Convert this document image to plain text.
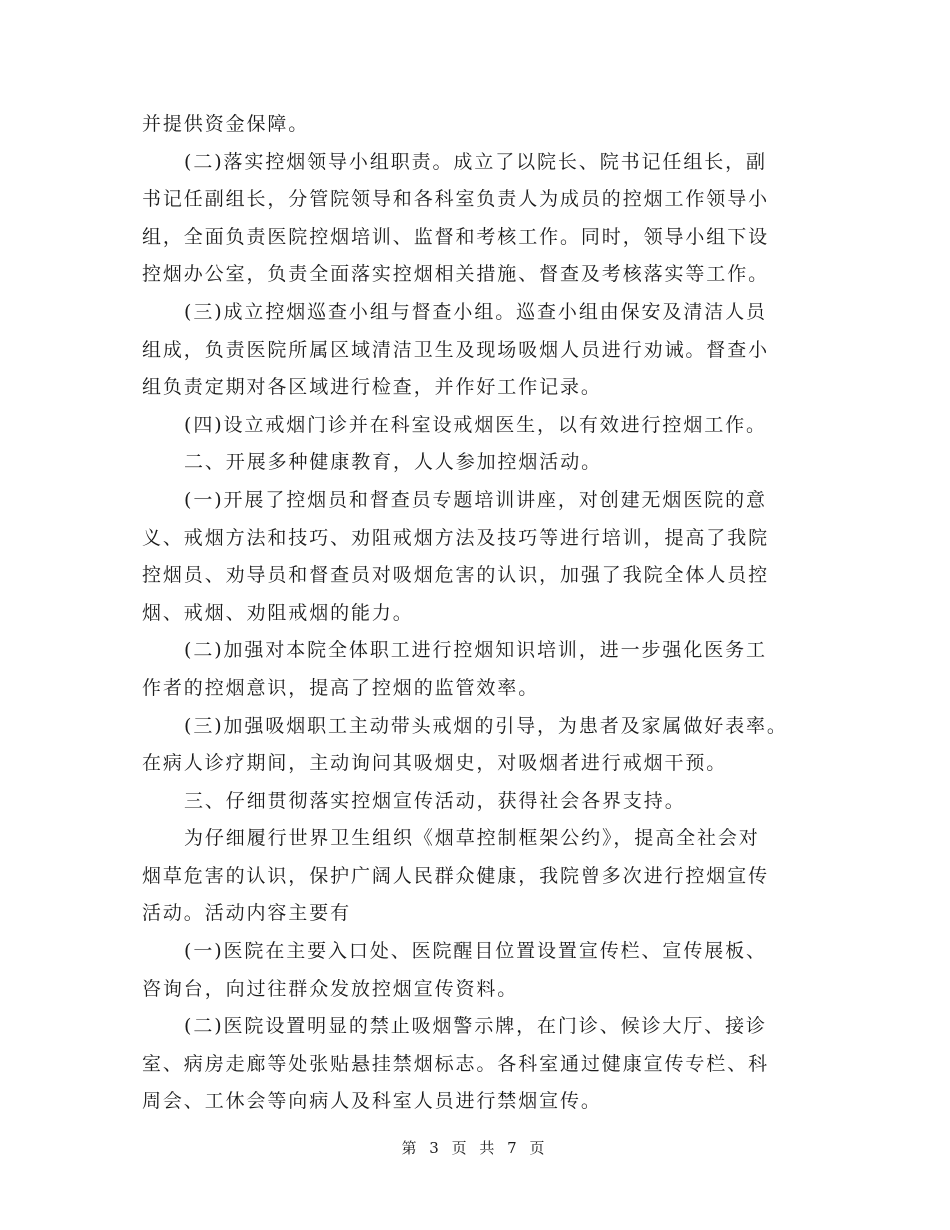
并提供资金保障。
(二)落实控烟领导小组职责。成立了以院长、院书记任组长，副
书记任副组长，分管院领导和各科室负责人为成员的控烟工作领导小
组，全面负责医院控烟培训、监督和考核工作。同时，领导小组下设
控烟办公室，负责全面落实控烟相关措施、督查及考核落实等工作。
(三)成立控烟巡查小组与督查小组。巡查小组由保安及清洁人员
组成，负责医院所属区域清洁卫生及现场吸烟人员进行劝诫。督查小
组负责定期对各区域进行检查，并作好工作记录。
(四)设立戒烟门诊并在科室设戒烟医生，以有效进行控烟工作。
二、开展多种健康教育，人人参加控烟活动。
(一)开展了控烟员和督查员专题培训讲座，对创建无烟医院的意
义、戒烟方法和技巧、劝阻戒烟方法及技巧等进行培训，提高了我院
控烟员、劝导员和督查员对吸烟危害的认识，加强了我院全体人员控
烟、戒烟、劝阻戒烟的能力。
(二)加强对本院全体职工进行控烟知识培训，进一步强化医务工
作者的控烟意识，提高了控烟的监管效率。
(三)加强吸烟职工主动带头戒烟的引导，为患者及家属做好表率。
在病人诊疗期间，主动询问其吸烟史，对吸烟者进行戒烟干预。
三、仔细贯彻落实控烟宣传活动，获得社会各界支持。
为仔细履行世界卫生组织《烟草控制框架公约》，提高全社会对
烟草危害的认识，保护广阔人民群众健康，我院曾多次进行控烟宣传
活动。活动内容主要有
(一)医院在主要入口处、医院醒目位置设置宣传栏、宣传展板、
咨询台，向过往群众发放控烟宣传资料。
(二)医院设置明显的禁止吸烟警示牌，在门诊、候诊大厅、接诊
室、病房走廊等处张贴悬挂禁烟标志。各科室通过健康宣传专栏、科
周会、工休会等向病人及科室人员进行禁烟宣传。
第 3 页 共 7 页
